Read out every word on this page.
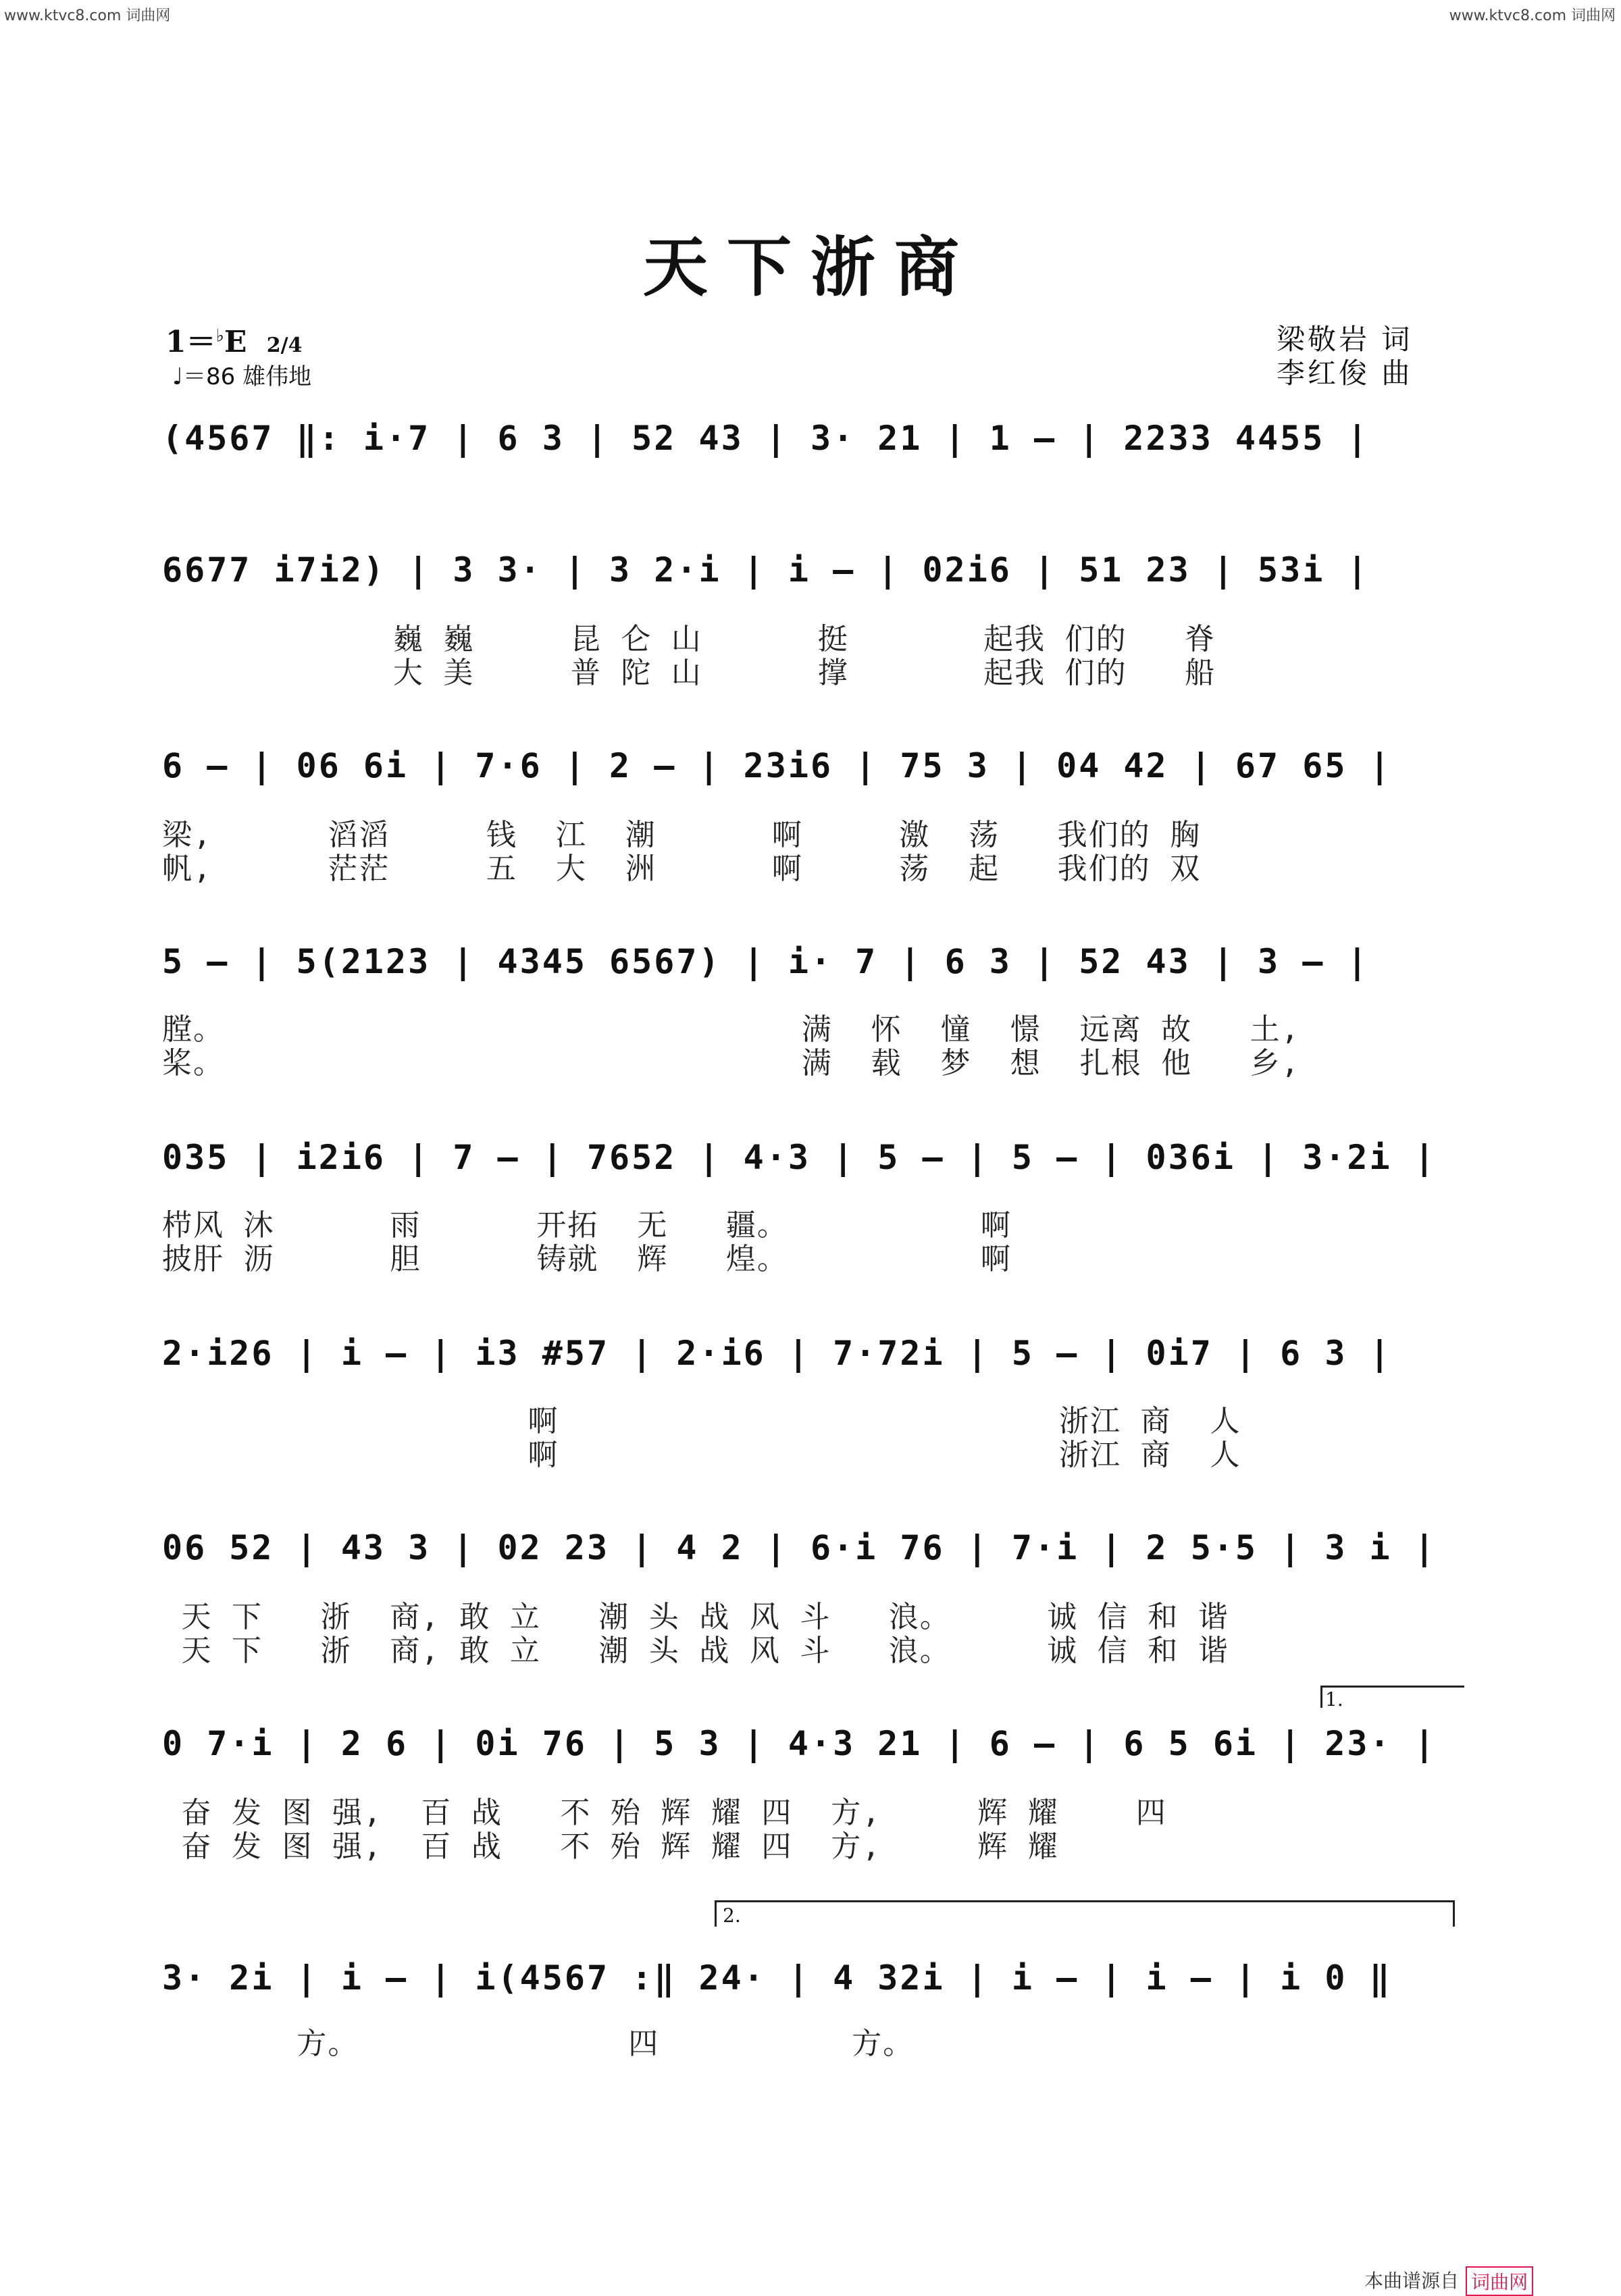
www.ktvc8.com 词曲网	www.ktvc8.com 词曲网
天下浙商
1＝♭E 2/4
♩＝86 雄伟地
梁敬岩 词
李红俊 曲
(4567 ‖: i·7 | 6 3 | 52 43 | 3· 21 | 1 — | 2233 4455 |
6677 i7i2) | 3 3· | 3 2·i | i — | 02i6 | 51 23 | 53i |
巍 巍     昆 仑 山      挺       起我 们的   脊
大 美     普 陀 山      撑       起我 们的   船
6 — | 06 6i | 7·6 | 2 — | 23i6 | 75 3 | 04 42 | 67 65 |
梁,      滔滔     钱  江  潮      啊     激  荡   我们的 胸
帆,      茫茫     五  大  洲      啊     荡  起   我们的 双
5 — | 5(2123 | 4345 6567) | i· 7 | 6 3 | 52 43 | 3 — |
膛。                              满  怀  憧  憬  远离 故   土,
桨。                              满  载  梦  想  扎根 他   乡,
035 | i2i6 | 7 — | 7652 | 4·3 | 5 — | 5 — | 036i | 3·2i |
栉风 沐      雨      开拓  无   疆。          啊
披肝 沥      胆      铸就  辉   煌。          啊
2·i26 | i — | i3 #57 | 2·i6 | 7·72i | 5 — | 0i7 | 6 3 |
啊                          浙江 商  人
啊                          浙江 商  人
06 52 | 43 3 | 02 23 | 4 2 | 6·i 76 | 7·i | 2 5·5 | 3 i |
天 下   浙  商, 敢 立   潮 头 战 风 斗   浪。     诚 信 和 谐
天 下   浙  商, 敢 立   潮 头 战 风 斗   浪。     诚 信 和 谐
1.
0 7·i | 2 6 | 0i 76 | 5 3 | 4·3 21 | 6 — | 6 5 6i | 23· |
奋 发 图 强,  百 战   不 殆 辉 耀 四  方,     辉 耀    四
奋 发 图 强,  百 战   不 殆 辉 耀 四  方,     辉 耀
2.
3· 2i | i — | i(4567 :‖ 24· | 4 32i | i — | i — | i 0 ‖
方。              四          方。
本曲谱源自 词曲网
